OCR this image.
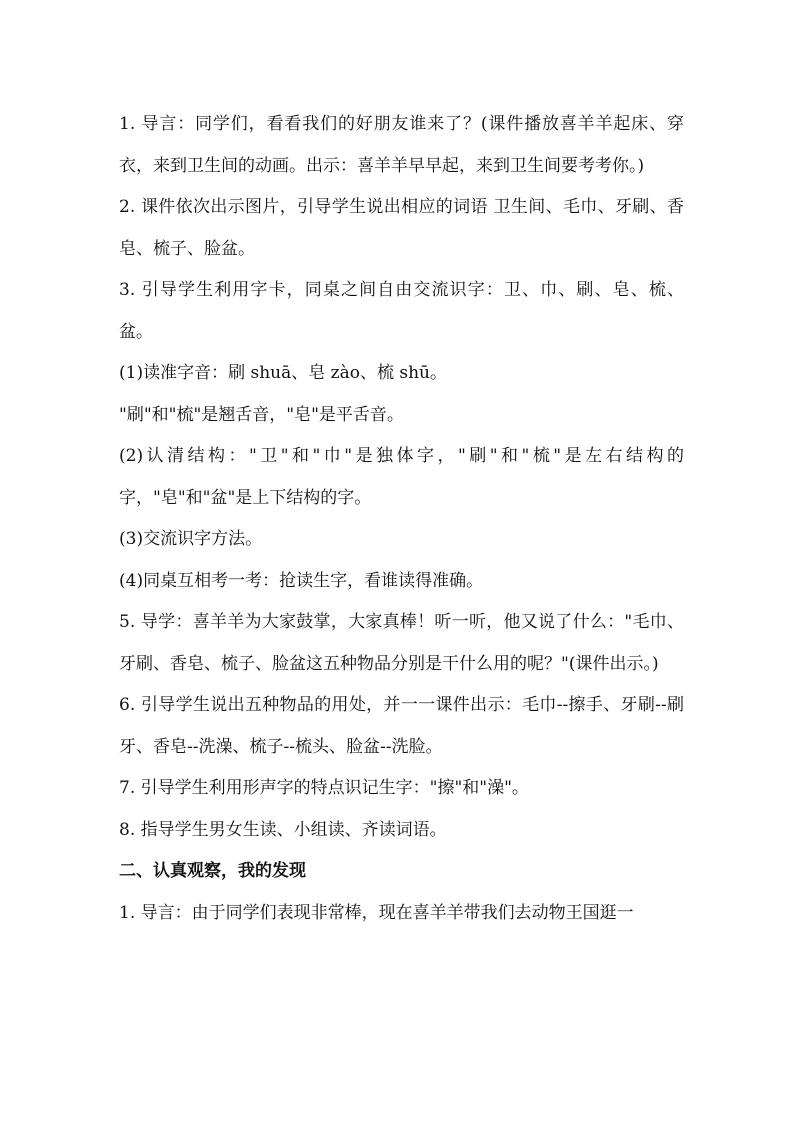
1. 导言：同学们，看看我们的好朋友谁来了？(课件播放喜羊羊起床、穿衣，来到卫生间的动画。出示：喜羊羊早早起，来到卫生间要考考你。)

2. 课件依次出示图片，引导学生说出相应的词语 卫生间、毛巾、牙刷、香皂、梳子、脸盆。

3. 引导学生利用字卡，同桌之间自由交流识字：卫、巾、刷、皂、梳、盆。

(1)读准字音：刷 shuā、皂 zào、梳 shū。

"刷"和"梳"是翘舌音，"皂"是平舌音。

(2)认清结构："卫"和"巾"是独体字，"刷"和"梳"是左右结构的字，"皂"和"盆"是上下结构的字。

(3)交流识字方法。

(4)同桌互相考一考：抢读生字，看谁读得准确。

5. 导学：喜羊羊为大家鼓掌，大家真棒！听一听，他又说了什么："毛巾、牙刷、香皂、梳子、脸盆这五种物品分别是干什么用的呢？"(课件出示。)

6. 引导学生说出五种物品的用处，并一一课件出示：毛巾--擦手、牙刷--刷牙、香皂--洗澡、梳子--梳头、脸盆--洗脸。

7. 引导学生利用形声字的特点识记生字："擦"和"澡"。

8. 指导学生男女生读、小组读、齐读词语。

二、认真观察，我的发现

1. 导言：由于同学们表现非常棒，现在喜羊羊带我们去动物王国逛一
